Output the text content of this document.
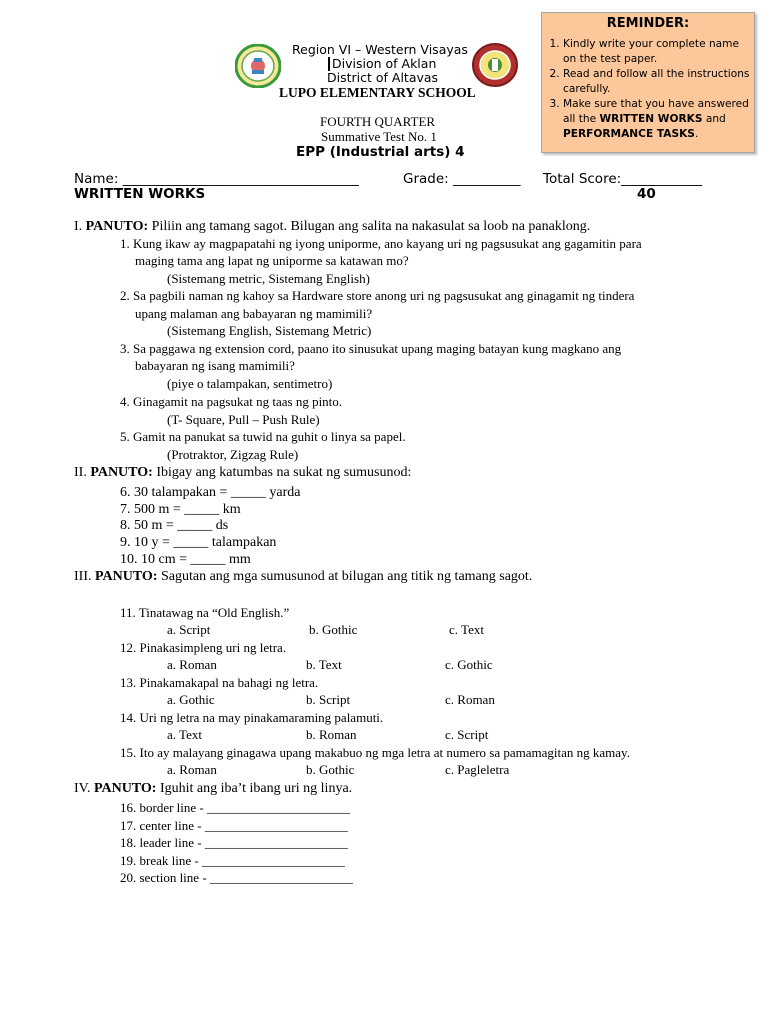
REMINDER:
1. Kindly write your complete name
on the test paper.
2. Read and follow all the instructions
carefully.
3. Make sure that you have answered
all the WRITTEN WORKS and
PERFORMANCE TASKS.
Region VI – Western Visayas
Division of Aklan
District of Altavas
LUPO ELEMENTARY SCHOOL
FOURTH QUARTER
Summative Test No. 1
EPP (Industrial arts) 4
Name: ___________________________________	Grade: __________ Total Score:____________
WRITTEN WORKS	40
I. PANUTO: Piliin ang tamang sagot. Bilugan ang salita na nakasulat sa loob na panaklong.
1. Kung ikaw ay magpapatahi ng iyong uniporme, ano kayang uri ng pagsusukat ang gagamitin para
maging tama ang lapat ng uniporme sa katawan mo?
(Sistemang metric, Sistemang English)
2. Sa pagbili naman ng kahoy sa Hardware store anong uri ng pagsusukat ang ginagamit ng tindera
upang malaman ang babayaran ng mamimili?
(Sistemang English, Sistemang Metric)
3. Sa paggawa ng extension cord, paano ito sinusukat upang maging batayan kung magkano ang
babayaran ng isang mamimili?
(piye o talampakan, sentimetro)
4. Ginagamit na pagsukat ng taas ng pinto.
(T- Square, Pull – Push Rule)
5. Gamit na panukat sa tuwid na guhit o linya sa papel.
(Protraktor, Zigzag Rule)
II. PANUTO: Ibigay ang katumbas na sukat ng sumusunod:
6. 30 talampakan = _____ yarda
7. 500 m = _____ km
8. 50 m = _____ ds
9. 10 y = _____ talampakan
10. 10 cm = _____ mm
III. PANUTO: Sagutan ang mga sumusunod at bilugan ang titik ng tamang sagot.
11. Tinatawag na “Old English.”
a. Script	b. Gothic	c. Text
12. Pinakasimpleng uri ng letra.
a. Roman	b. Text	c. Gothic
13. Pinakamakapal na bahagi ng letra.
a. Gothic	b. Script	c. Roman
14. Uri ng letra na may pinakamaraming palamuti.
a. Text	b. Roman	c. Script
15. Ito ay malayang ginagawa upang makabuo ng mga letra at numero sa pamamagitan ng kamay.
a. Roman	b. Gothic	c. Pagleletra
IV. PANUTO: Iguhit ang iba’t ibang uri ng linya.
16. border line - ______________________
17. center line - ______________________
18. leader line - ______________________
19. break line - ______________________
20. section line - ______________________
